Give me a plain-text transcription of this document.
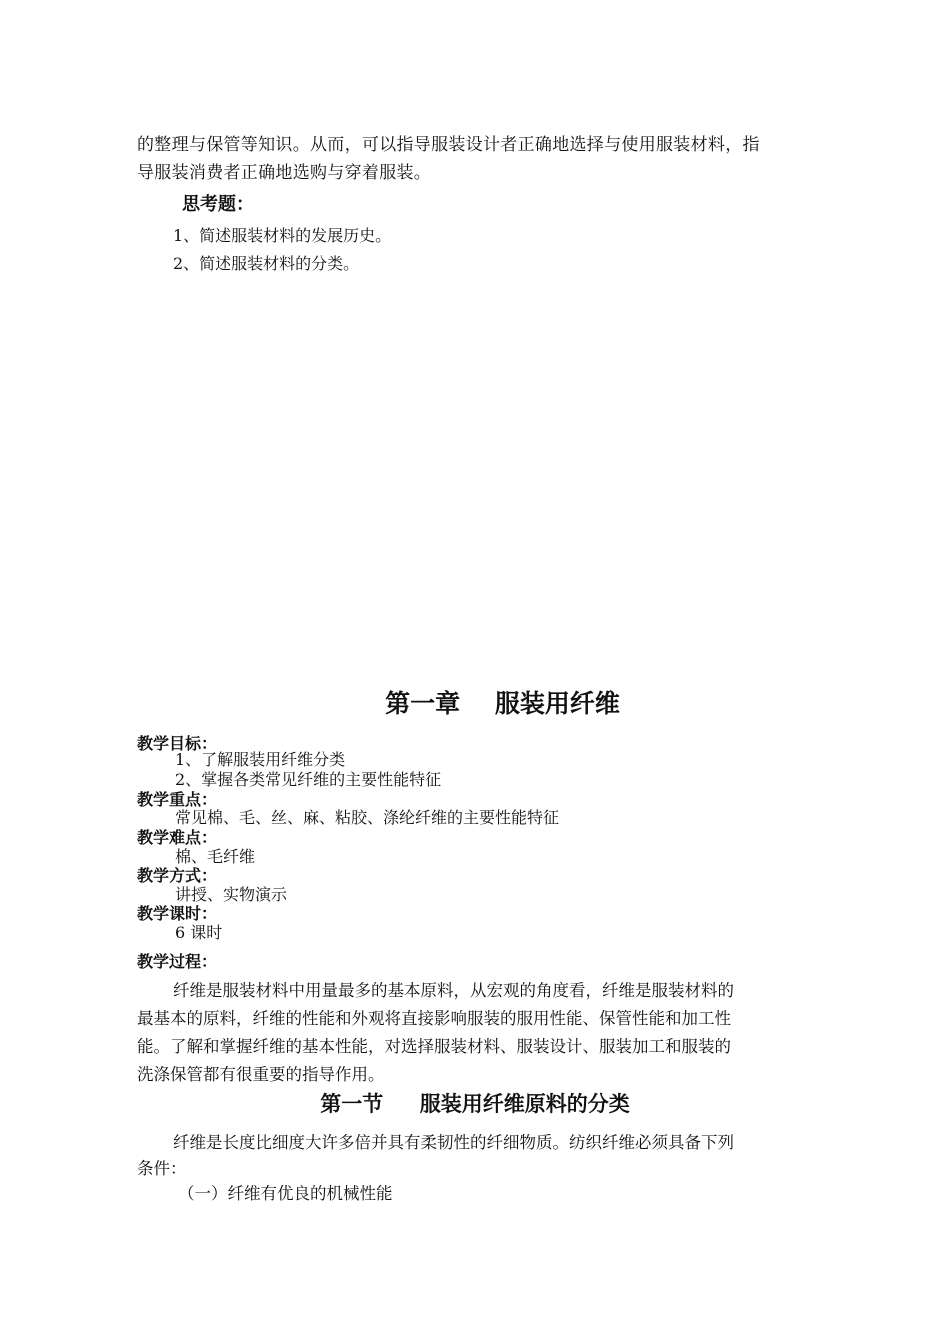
的整理与保管等知识。从而，可以指导服装设计者正确地选择与使用服装材料，指
导服装消费者正确地选购与穿着服装。
思考题：
1、简述服装材料的发展历史。
2、简述服装材料的分类。
第一章    服装用纤维
教学目标：
1、了解服装用纤维分类
2、掌握各类常见纤维的主要性能特征
教学重点：
常见棉、毛、丝、麻、粘胶、涤纶纤维的主要性能特征
教学难点：
棉、毛纤维
教学方式：
讲授、实物演示
教学课时：
6 课时
教学过程：
纤维是服装材料中用量最多的基本原料，从宏观的角度看，纤维是服装材料的
最基本的原料，纤维的性能和外观将直接影响服装的服用性能、保管性能和加工性
能。了解和掌握纤维的基本性能，对选择服装材料、服装设计、服装加工和服装的
洗涤保管都有很重要的指导作用。
第一节     服装用纤维原料的分类
纤维是长度比细度大许多倍并具有柔韧性的纤细物质。纺织纤维必须具备下列
条件：
（一）纤维有优良的机械性能
